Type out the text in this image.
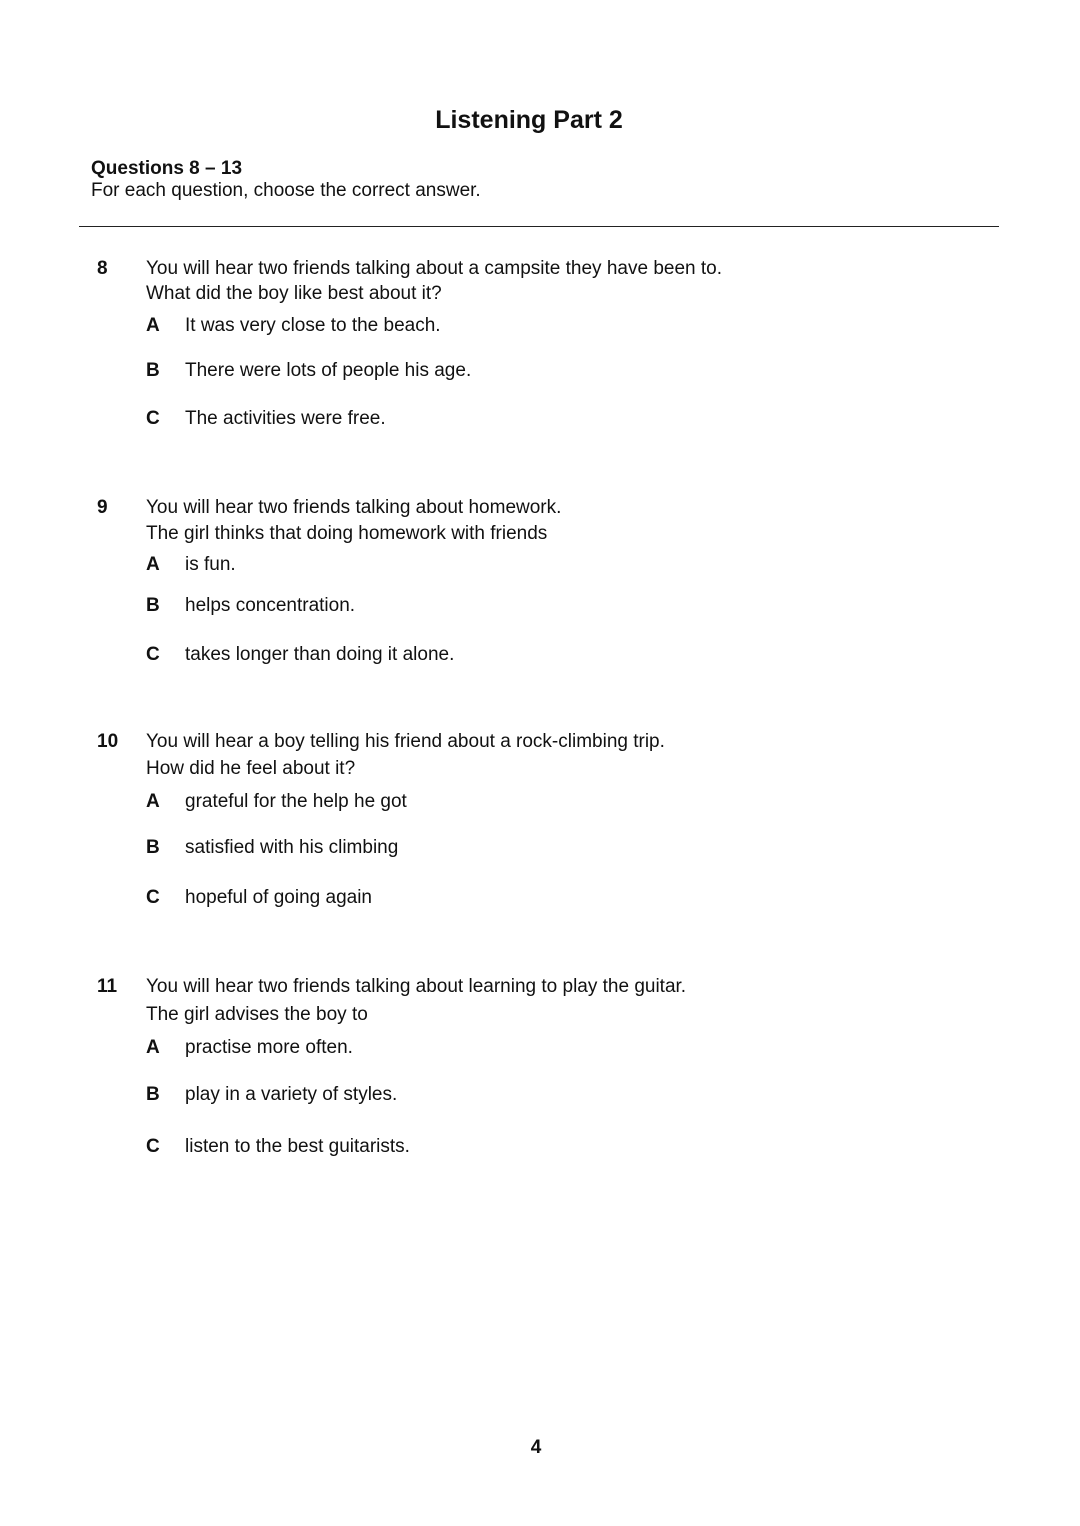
Listening Part 2
Questions 8 – 13
For each question, choose the correct answer.
8 You will hear two friends talking about a campsite they have been to.
What did the boy like best about it?
A It was very close to the beach.
B There were lots of people his age.
C The activities were free.
9 You will hear two friends talking about homework.
The girl thinks that doing homework with friends
A is fun.
B helps concentration.
C takes longer than doing it alone.
10 You will hear a boy telling his friend about a rock-climbing trip.
How did he feel about it?
A grateful for the help he got
B satisfied with his climbing
C hopeful of going again
11 You will hear two friends talking about learning to play the guitar.
The girl advises the boy to
A practise more often.
B play in a variety of styles.
C listen to the best guitarists.
4
